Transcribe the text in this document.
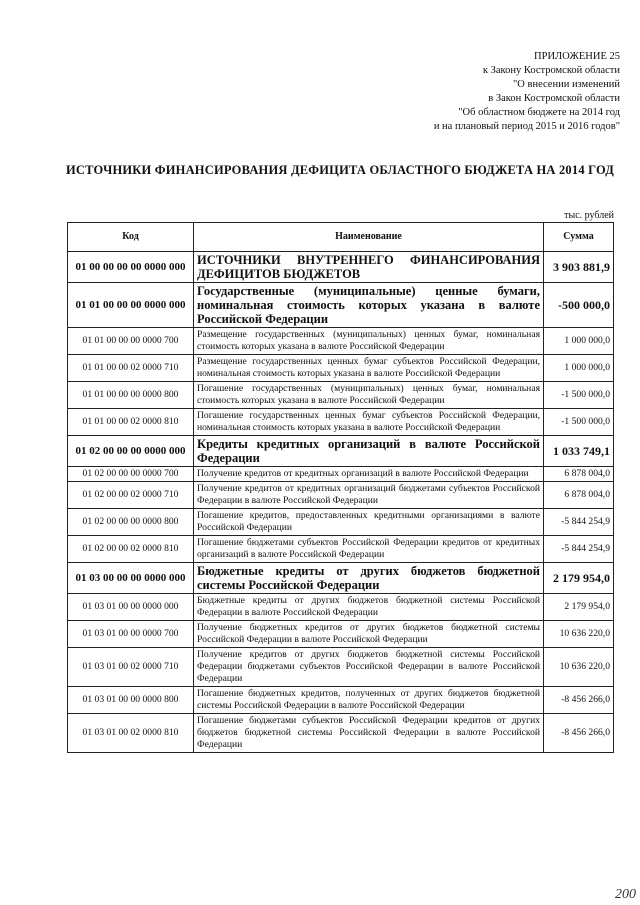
ПРИЛОЖЕНИЕ 25
к Закону Костромской области
"О внесении изменений
в Закон Костромской области
"Об областном бюджете на 2014 год
и на плановый период 2015 и 2016 годов"
ИСТОЧНИКИ ФИНАНСИРОВАНИЯ ДЕФИЦИТА ОБЛАСТНОГО БЮДЖЕТА НА 2014 ГОД
тыс. рублей
Код	Наименование	Сумма
01 00 00 00 00 0000 000	ИСТОЧНИКИ ВНУТРЕННЕГО ФИНАНСИРОВАНИЯ ДЕФИЦИТОВ БЮДЖЕТОВ	3 903 881,9
01 01 00 00 00 0000 000	Государственные (муниципальные) ценные бумаги, номинальная стоимость которых указана в валюте Российской Федерации	-500 000,0
01 01 00 00 00 0000 700	Размещение государственных (муниципальных) ценных бумаг, номинальная стоимость которых указана в валюте Российской Федерации	1 000 000,0
01 01 00 00 02 0000 710	Размещение государственных ценных бумаг субъектов Российской Федерации, номинальная стоимость которых указана в валюте Российской Федерации	1 000 000,0
01 01 00 00 00 0000 800	Погашение государственных (муниципальных) ценных бумаг, номинальная стоимость которых указана в валюте Российской Федерации	-1 500 000,0
01 01 00 00 02 0000 810	Погашение государственных ценных бумаг субъектов Российской Федерации, номинальная стоимость которых указана в валюте Российской Федерации	-1 500 000,0
01 02 00 00 00 0000 000	Кредиты кредитных организаций в валюте Российской Федерации	1 033 749,1
01 02 00 00 00 0000 700	Получение кредитов от кредитных организаций в валюте Российской Федерации	6 878 004,0
01 02 00 00 02 0000 710	Получение кредитов от кредитных организаций бюджетами субъектов Российской Федерации в валюте Российской Федерации	6 878 004,0
01 02 00 00 00 0000 800	Погашение кредитов, предоставленных кредитными организациями в валюте Российской Федерации	-5 844 254,9
01 02 00 00 02 0000 810	Погашение бюджетами субъектов Российской Федерации кредитов от кредитных организаций в валюте Российской Федерации	-5 844 254,9
01 03 00 00 00 0000 000	Бюджетные кредиты от других бюджетов бюджетной системы Российской Федерации	2 179 954,0
01 03 01 00 00 0000 000	Бюджетные кредиты от других бюджетов бюджетной системы Российской Федерации в валюте Российской Федерации	2 179 954,0
01 03 01 00 00 0000 700	Получение бюджетных кредитов от других бюджетов бюджетной системы Российской Федерации в валюте Российской Федерации	10 636 220,0
01 03 01 00 02 0000 710	Получение кредитов от других бюджетов бюджетной системы Российской Федерации бюджетами субъектов Российской Федерации в валюте Российской Федерации	10 636 220,0
01 03 01 00 00 0000 800	Погашение бюджетных кредитов, полученных от других бюджетов бюджетной системы Российской Федерации в валюте Российской Федерации	-8 456 266,0
01 03 01 00 02 0000 810	Погашение бюджетами субъектов Российской Федерации кредитов от других бюджетов бюджетной системы Российской Федерации в валюте Российской Федерации	-8 456 266,0
200
